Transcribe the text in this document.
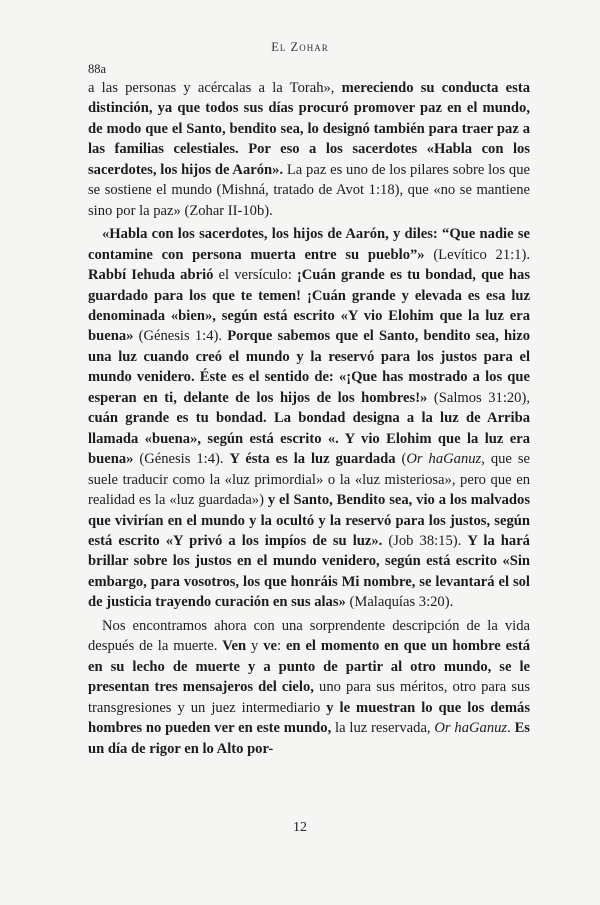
El Zohar
88a

a las personas y acércalas a la Torah», mereciendo su conducta esta distinción, ya que todos sus días procuró promover paz en el mundo, de modo que el Santo, bendito sea, lo designó también para traer paz a las familias celestiales. Por eso a los sacerdotes «Habla con los sacerdotes, los hijos de Aarón». La paz es uno de los pilares sobre los que se sostiene el mundo (Mishná, tratado de Avot 1:18), que «no se mantiene sino por la paz» (Zohar II-10b).

«Habla con los sacerdotes, los hijos de Aarón, y diles: “Que nadie se contamine con persona muerta entre su pueblo”» (Levítico 21:1). Rabbí Iehuda abrió el versículo: ¡Cuán grande es tu bondad, que has guardado para los que te temen! ¡Cuán grande y elevada es esa luz denominada «bien», según está escrito «Y vio Elohim que la luz era buena» (Génesis 1:4). Porque sabemos que el Santo, bendito sea, hizo una luz cuando creó el mundo y la reservó para los justos para el mundo venidero. Éste es el sentido de: «¡Que has mostrado a los que esperan en ti, delante de los hijos de los hombres!» (Salmos 31:20), cuán grande es tu bondad. La bondad designa a la luz de Arriba llamada «buena», según está escrito «. Y vio Elohim que la luz era buena» (Génesis 1:4). Y ésta es la luz guardada (Or haGanuz, que se suele traducir como la «luz primordial» o la «luz misteriosa», pero que en realidad es la «luz guardada») y el Santo, Bendito sea, vio a los malvados que vivirían en el mundo y la ocultó y la reservó para los justos, según está escrito «Y privó a los impíos de su luz». (Job 38:15). Y la hará brillar sobre los justos en el mundo venidero, según está escrito «Sin embargo, para vosotros, los que honráis Mi nombre, se levantará el sol de justicia trayendo curación en sus alas» (Malaquías 3:20).

Nos encontramos ahora con una sorprendente descripción de la vida después de la muerte. Ven y ve: en el momento en que un hombre está en su lecho de muerte y a punto de partir al otro mundo, se le presentan tres mensajeros del cielo, uno para sus méritos, otro para sus transgresiones y un juez intermediario y le muestran lo que los demás hombres no pueden ver en este mundo, la luz reservada, Or haGanuz. Es un día de rigor en lo Alto por-

12
